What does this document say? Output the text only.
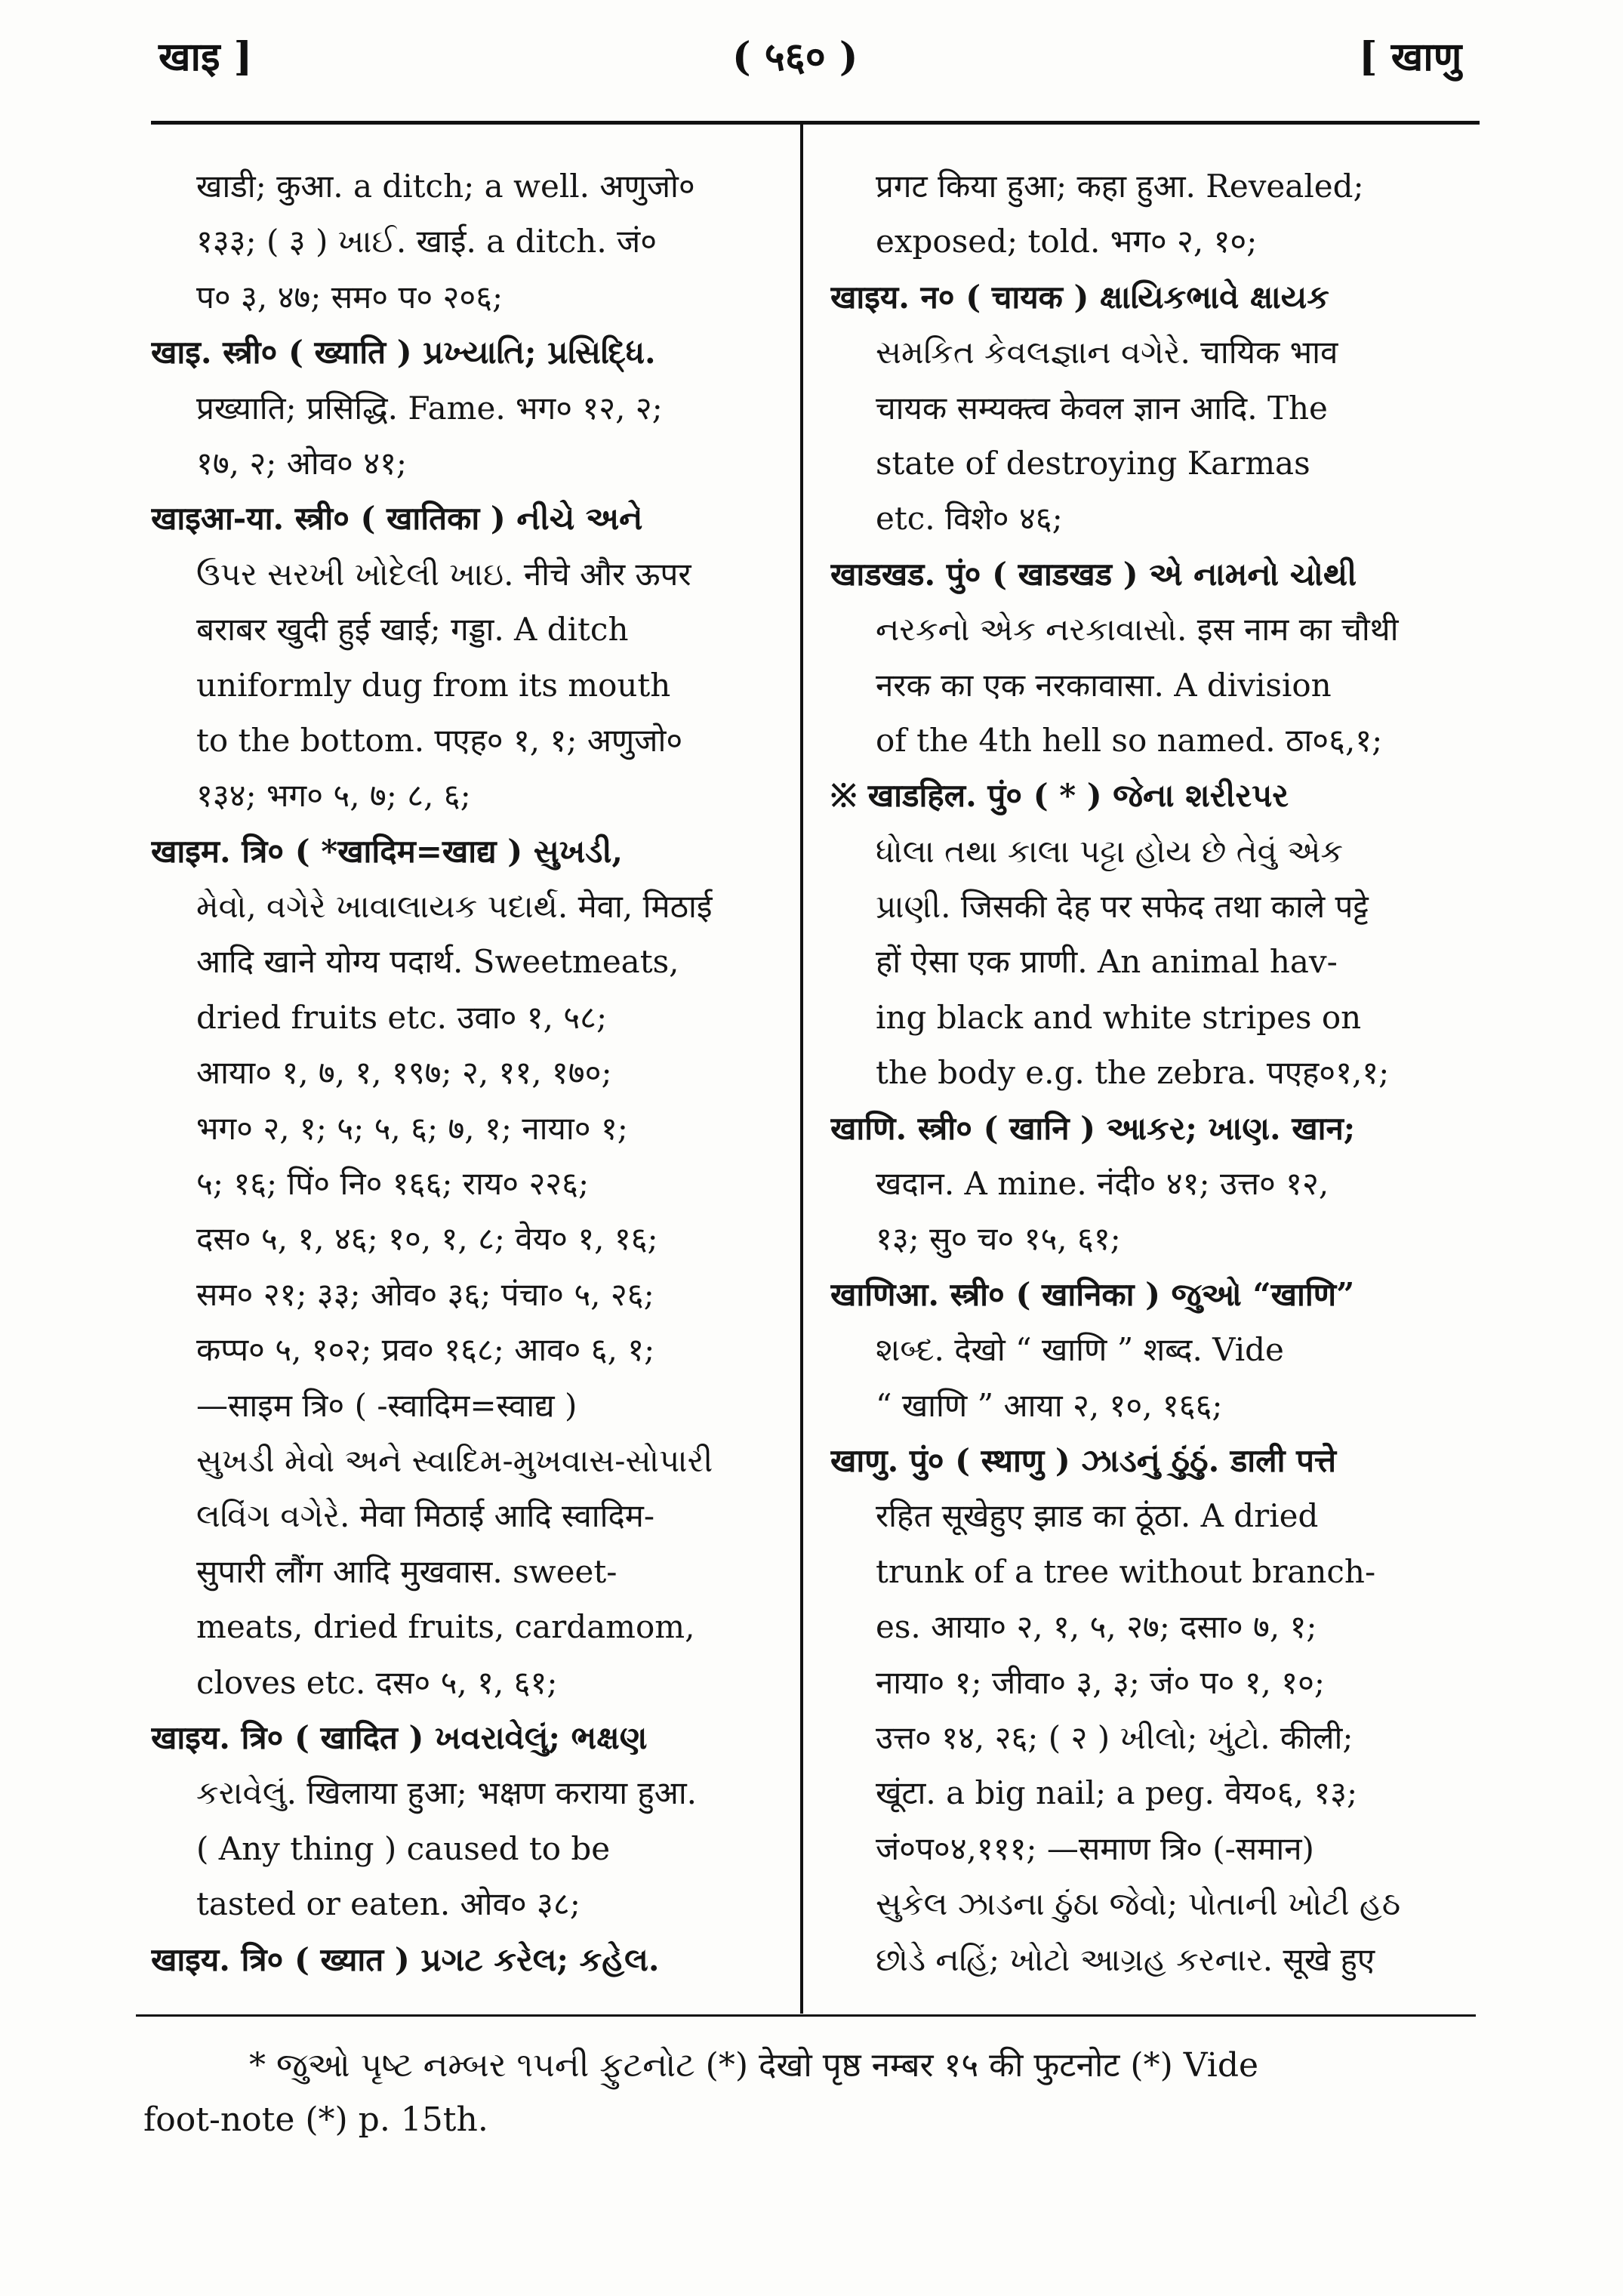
खाइ ]	( ५६० )	[ खाणु
खाडी; कुआ. a ditch; a well. अणुजो०
१३३; ( ३ ) ખાઈ. खाई. a ditch. जं०
प० ३, ४७; सम० प० २०६;
खाइ. स्त्री० ( ख्याति ) પ્રખ્યાતિ; પ્રસિદ્ધિ.
प्रख्याति; प्रसिद्धि. Fame. भग० १२, २;
१७, २; ओव० ४१;
खाइआ-या. स्त्री० ( खातिका ) નીચે અને
ઉપર સરખી ખોદેલી ખાઇ. नीचे और ऊपर
बराबर खुदी हुई खाई; गड्डा. A ditch
uniformly dug from its mouth
to the bottom. पएह० १, १; अणुजो०
१३४; भग० ५, ७; ८, ६;
खाइम. त्रि० ( *खादिम=खाद्य ) સુખડી,
મેવો, વગેરે ખાવાલાયક પદાર્થ. मेवा, मिठाई
आदि खाने योग्य पदार्थ. Sweetmeats,
dried fruits etc. उवा० १, ५८;
आया० १, ७, १, १९७; २, ११, १७०;
भग० २, १; ५; ५, ६; ७, १; नाया० १;
५; १६; पिं० नि० १६६; राय० २२६;
दस० ५, १, ४६; १०, १, ८; वेय० १, १६;
सम० २१; ३३; ओव० ३६; पंचा० ५, २६;
कप्प० ५, १०२; प्रव० १६८; आव० ६, १;
—साइम त्रि० ( -स्वादिम=स्वाद्य )
સુખડી મેવો અને સ્વાદિમ-મુખવાસ-સોપારી
લવિંગ વગેરે. मेवा मिठाई आदि स्वादिम-
सुपारी लौंग आदि मुखवास. sweet-
meats, dried fruits, cardamom,
cloves etc. दस० ५, १, ६१;
खाइय. त्रि० ( खादित ) ખવરાવેલું; ભક્ષણ
કરાવેલું. खिलाया हुआ; भक्षण कराया हुआ.
( Any thing ) caused to be
tasted or eaten. ओव० ३८;
खाइय. त्रि० ( ख्यात ) પ્રગટ કરેલ; કહેલ.
प्रगट किया हुआ; कहा हुआ. Revealed;
exposed; told. भग० २, १०;
खाइय. न० ( चायक ) ક્ષાયિકભાવે ક્ષાયક
સમકિત કેવલજ્ઞાન વગેરે. चायिक भाव
चायक सम्यक्त्व केवल ज्ञान आदि. The
state of destroying Karmas
etc. विशे० ४६;
खाडखड. पुं० ( खाडखड ) એ નામનો ચોથી
નરકનો એક નરકાવાસો. इस नाम का चौथी
नरक का एक नरकावासा. A division
of the 4th hell so named. ठा०६,१;
※ खाडहिल. पुं० ( * ) જેના શરીરપર
ધોલા તથા કાલા પટ્ટા હોય છે તેવું એક
પ્રાણી. जिसकी देह पर सफेद तथा काले पट्टे
हों ऐसा एक प्राणी. An animal hav-
ing black and white stripes on
the body e.g. the zebra. पएह०१,१;
खाणि. स्त्री० ( खानि ) આકર; ખાણ. खान;
खदान. A mine. नंदी० ४१; उत्त० १२,
१३; सु० च० १५, ६१;
खाणिआ. स्त्री० ( खानिका ) જુઓ “खाणि”
શબ્દ. देखो “ खाणि ” शब्द. Vide
“ खाणि ” आया २, १०, १६६;
खाणु. पुं० ( स्थाणु ) ઝાડનું ઠુંઠું. डाली पत्ते
रहित सूखेहुए झाड का ठूंठा. A dried
trunk of a tree without branch-
es. आया० २, १, ५, २७; दसा० ७, १;
नाया० १; जीवा० ३, ३; जं० प० १, १०;
उत्त० १४, २६; ( २ ) ખીલો; ખુંટો. कीली;
खूंटा. a big nail; a peg. वेय०६, १३;
जं०प०४,१११; —समाण त्रि० (-समान)
સુકેલ ઝાડના ઠુંઠા જેવો; પોતાની ખોટી હઠ
છોડે નહિં; ખોટો આગ્રહ કરનાર. सूखे हुए
* જુઓ પૃષ્ટ નમ્બર ૧૫ની ફુટનોટ (*) देखो पृष्ठ नम्बर १५ की फुटनोट (*) Vide
foot-note (*) p. 15th.
